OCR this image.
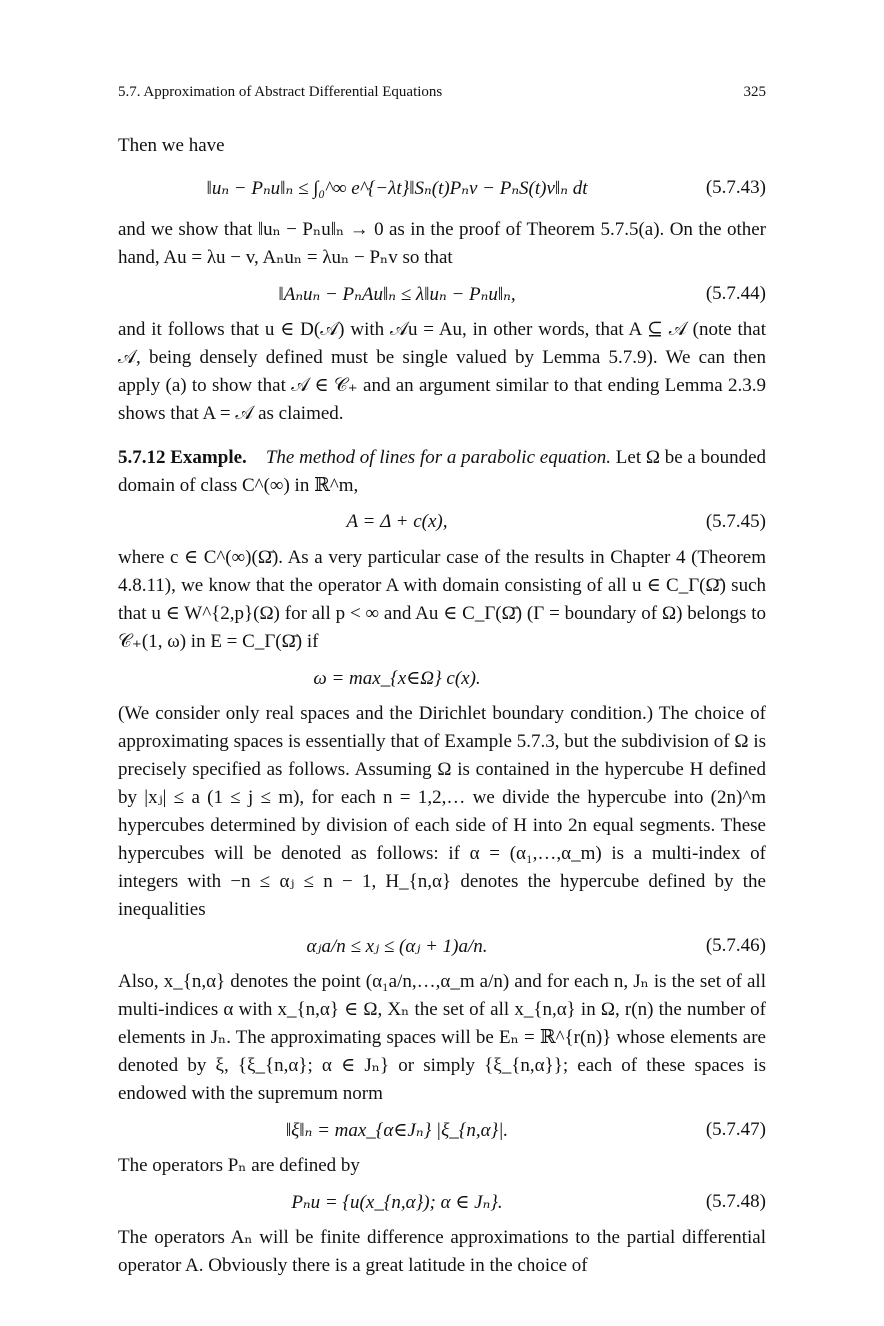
5.7. Approximation of Abstract Differential Equations	325

Then we have

‖uₙ − Pₙu‖ₙ ≤ ∫₀^∞ e^{−λt}‖Sₙ(t)Pₙv − PₙS(t)v‖ₙ dt	(5.7.43)

and we show that ‖uₙ − Pₙu‖ₙ → 0 as in the proof of Theorem 5.7.5(a). On the other hand, Au = λu − v, Aₙuₙ = λuₙ − Pₙv so that

‖Aₙuₙ − PₙAu‖ₙ ≤ λ‖uₙ − Pₙu‖ₙ,	(5.7.44)

and it follows that u ∈ D(𝒜) with 𝒜u = Au, in other words, that A ⊆ 𝒜 (note that 𝒜, being densely defined must be single valued by Lemma 5.7.9). We can then apply (a) to show that 𝒜 ∈ 𝒞₊ and an argument similar to that ending Lemma 2.3.9 shows that A = 𝒜 as claimed.

5.7.12 Example. The method of lines for a parabolic equation. Let Ω be a bounded domain of class C^(∞) in ℝ^m,

A = Δ + c(x),	(5.7.45)

where c ∈ C^(∞)(Ω̄). As a very particular case of the results in Chapter 4 (Theorem 4.8.11), we know that the operator A with domain consisting of all u ∈ C_Γ(Ω̄) such that u ∈ W^{2,p}(Ω) for all p < ∞ and Au ∈ C_Γ(Ω̄) (Γ = boundary of Ω) belongs to 𝒞₊(1, ω) in E = C_Γ(Ω̄) if

ω = max_{x∈Ω} c(x).

(We consider only real spaces and the Dirichlet boundary condition.) The choice of approximating spaces is essentially that of Example 5.7.3, but the subdivision of Ω is precisely specified as follows. Assuming Ω is contained in the hypercube H defined by |xⱼ| ≤ a (1 ≤ j ≤ m), for each n = 1,2,… we divide the hypercube into (2n)^m hypercubes determined by division of each side of H into 2n equal segments. These hypercubes will be denoted as follows: if α = (α₁,…,α_m) is a multi-index of integers with −n ≤ αⱼ ≤ n − 1, H_{n,α} denotes the hypercube defined by the inequalities

αⱼa/n ≤ xⱼ ≤ (αⱼ + 1)a/n.	(5.7.46)

Also, x_{n,α} denotes the point (α₁a/n,…,α_m a/n) and for each n, Jₙ is the set of all multi-indices α with x_{n,α} ∈ Ω, Xₙ the set of all x_{n,α} in Ω, r(n) the number of elements in Jₙ. The approximating spaces will be Eₙ = ℝ^{r(n)} whose elements are denoted by ξ, {ξ_{n,α}; α ∈ Jₙ} or simply {ξ_{n,α}}; each of these spaces is endowed with the supremum norm

‖ξ‖ₙ = max_{α∈Jₙ} |ξ_{n,α}|.	(5.7.47)

The operators Pₙ are defined by

Pₙu = {u(x_{n,α}); α ∈ Jₙ}.	(5.7.48)

The operators Aₙ will be finite difference approximations to the partial differential operator A. Obviously there is a great latitude in the choice of
